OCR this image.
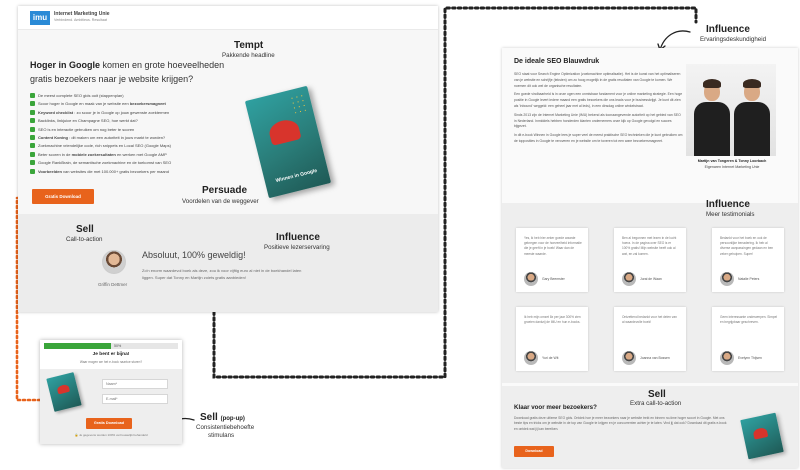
imu	Internet Marketing Unie
Verbindend. Ambitieus. Resultaat
Hoger in Google komen en grote hoeveelheden gratis bezoekers naar je website krijgen?
De meest complete SEO gids ooit (stappenplan)
Scoor hoger in Google en maak van je website een bezoekersmagneet
Keyword checklist : zo scoor je in Google op jouw gewenste zoektermen
Backlinks, linkjuice en Champagne SEO, hoe werkt dat?
SEO is en interactie gebruiken om nog beter te scoren
Content Koning : dit maken om een autoriteit in jouw markt te worden?
Zoekmachine vriendelijke code, rich snippets en Local SEO (Google Maps)
Beter scoren in de mobiele zoekresultaten en werken met Google AMP
Google RankBrain, de semantische zoekmachine en de toekomst van SEO
Voorbeelden van websites die met 100.000+ gratis bezoekers per maand	Winnen in Google
Gratis Download
Griffin Dettmer
Absoluut, 100% geweldig!
Zo'n enorm waardevol boek als deze, zou ik voor vijftig euro al niet in de boekhandel laten liggen. Super dat Tonny en Martijn zoiets gratis aanbieden!
50%
Je bent er bijna!
Waar mogen we het e-book naartoe sturen?
Naam*
E-mail*
Gratis Download
🔒 Je gegevens worden 100% vertrouwelijk behandeld
De ideale SEO Blauwdruk

SEO staat voor Search Engine Optimization (zoekmachine optimalisatie). Het is de kunst van het optimaliseren van je website en schrijfje (teksten) om zo hoog mogelijk in de gratis resultaten van Google te komen. We noemen dit ook wel de organische resultaten.

Een goede vindbaarheid is in onze ogen een onmisbaar fundament voor je online marketing strategie. Een hoge positie in Google levert iedere maand een gratis bezoekers die ons leads voor je businesskrijgt. Je kunt dit zien als 'inbound' weggeld: een geheel jaar met al leds), in een dinsdag online winkelstraat.

Sinds 2013 zijn de Internet Marketing Unie (IMU) bekend als toonaangevende autoriteit op het gebied van SEO in Nederland. Inmiddels hebben honderden klanten ondernemers onze kijk op Google gevolgd en succes bijgezet.

In dit e-book Winnen in Google lees je super veel de meest praktische SEO technieken die je kunt gebruiken om de topposities in Google te veroveren en je website om te toveren tot een ware bezoekersmagneet.

Martijn van Tongeren & Tonny Loorbach
Eigenaren Internet Marketing Unie
Yes, ik heb hier zeker goede waarde gekregen voor de hoeveelheid informatie die je geeft in je boek! Waar dan de meeste waarde.
Gary Beemster
Ben al begonnen met lezen in de lucht hoera. In de pagina over SEO is er 100% gratis! Mijn website heeft ook al wat, en zal komen.
Jurai de Waan
Bedankt voor het boek en ook de persoonlijke benadering. Ik heb al diverse aanpassingen gedaan en ben zeker geholpen. Super!
Natalie Peters
Ik heb mijn omzet 8x per jaar 300% zien groeien dankzij de IMU en hun e-books.
Yuri de Wit
Ontzettend bedankt voor het delen van al waardevolle boek!
Joanna van Bossen
Geen interessante onderwerpen. Simpel en begrijpbaar geschreven.
Evelynn Thijsen
Klaar voor meer bezoekers?
Download gratis deze ultieme SEO gids. Ontdek hoe je meer bezoekers naar je website trekt en binnen no-time hoger scoort in Google. Met ons beste tips en tricks om je website in de top van Google te krijgen en je concurrenten achter je te laten. Vind jij dat ook? Download dit gratis e-book en ontdek wat jij kan bereiken.
Download
Tempt
Pakkende headline
Persuade
Voordelen van de weggever
Sell
Call-to-action	Influence
Positieve lezerservaring
Sell (pop-up)
Consistentiebehoefte
stimulans
Influence
Ervaringsdeskundigheid
Influence
Meer testimonials
Sell
Extra call-to-action
